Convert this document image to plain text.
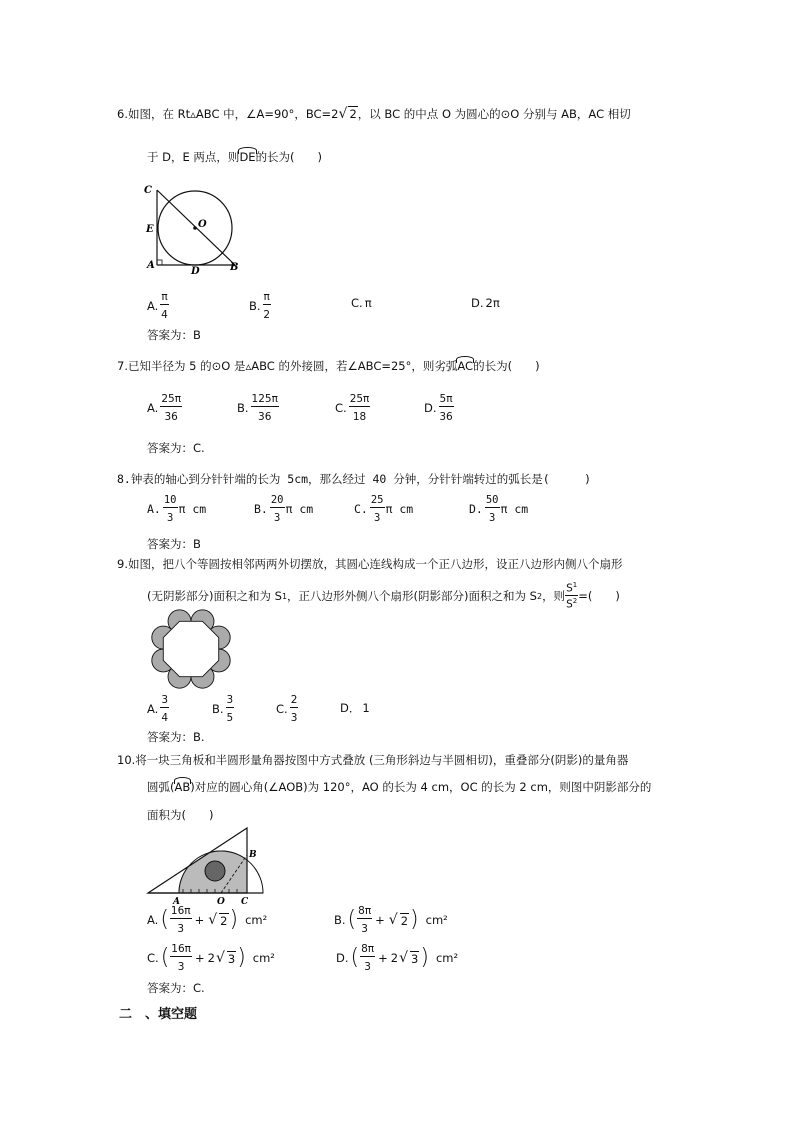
6.如图，在 Rt▵ABC 中，∠A=90°，BC=2√ 2，以 BC 的中点 O 为圆心的⊙O 分别与 AB，AC 相切
于 D，E 两点，则DE的长为(　　)
C
E
A
D	B
O
A. $\frac{\pi}{4}$	B. $\frac{\pi}{2}$	C. π	D. 2π
答案为：B
7.已知半径为 5 的⊙O 是▵ABC 的外接圆，若∠ABC=25°，则劣弧AC的长为(　　)
A. $\frac{25\pi}{36}$	B. $\frac{125\pi}{36}$	C. $\frac{25\pi}{18}$	D. $\frac{5\pi}{36}$
答案为：C.
8.钟表的轴心到分针针端的长为 5cm，那么经过 40 分钟，分针针端转过的弧长是(　　　)
A. $\frac{10}{3}$ π cm	B. $\frac{20}{3}$ π cm	C. $\frac{25}{3}$ π cm	D. $\frac{50}{3}$ π cm
答案为：B
9.如图，把八个等圆按相邻两两外切摆放，其圆心连线构成一个正八边形，设正八边形内侧八个扇形
(无阴影部分)面积之和为 S 1 ，正八边形外侧八个扇形(阴影部分)面积之和为 S 2 ，则 $\frac{S^1}{S^2}$ =(　　)
A. $\frac{3}{4}$	B. $\frac{3}{5}$	C. $\frac{2}{3}$	D． 1
答案为：B.
10.将一块三角板和半圆形量角器按图中方式叠放 (三角形斜边与半圆相切)，重叠部分(阴影)的量角器
圆弧(AB)对应的圆心角(∠AOB)为 120°，AO 的长为 4 cm，OC 的长为 2 cm，则图中阴影部分的
面积为(　　)
A	O C
B
A. ( $\frac{16\pi}{3}$ + √ 2 ) cm²	B. ( $\frac{8\pi}{3}$ + √ 2 ) cm²
C. ( $\frac{16\pi}{3} + 2$ √ 3 ) cm²	D. ( $\frac{8\pi}{3} + 2$ √ 3 ) cm²
答案为：C.
二　、填空题
